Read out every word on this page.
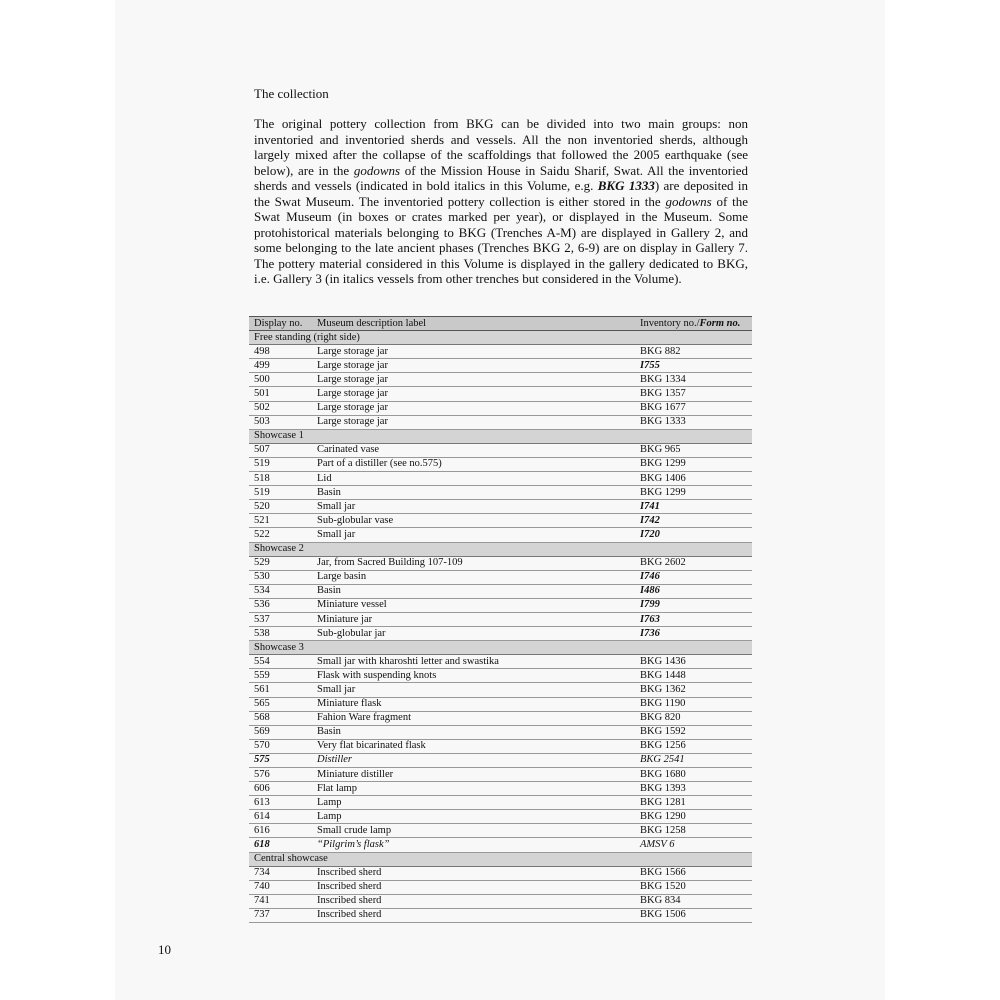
The collection

The original pottery collection from BKG can be divided into two main groups: non inventoried and inventoried sherds and vessels. All the non inventoried sherds, although largely mixed after the collapse of the scaffoldings that followed the 2005 earthquake (see below), are in the godowns of the Mission House in Saidu Sharif, Swat. All the inventoried sherds and vessels (indicated in bold italics in this Volume, e.g. BKG 1333) are deposited in the Swat Museum. The inventoried pottery collection is either stored in the godowns of the Swat Museum (in boxes or crates marked per year), or displayed in the Museum. Some protohistorical materials belonging to BKG (Trenches A-M) are displayed in Gallery 2, and some belonging to the late ancient phases (Trenches BKG 2, 6-9) are on display in Gallery 7. The pottery material considered in this Volume is displayed in the gallery dedicated to BKG, i.e. Gallery 3 (in italics vessels from other trenches but considered in the Volume).

Display no.	Museum description label	Inventory no./Form no.
Free standing (right side)		
498	Large storage jar	BKG 882
499	Large storage jar	I755
500	Large storage jar	BKG 1334
501	Large storage jar	BKG 1357
502	Large storage jar	BKG 1677
503	Large storage jar	BKG 1333
Showcase 1		
507	Carinated vase	BKG 965
519	Part of a distiller (see no.575)	BKG 1299
518	Lid	BKG 1406
519	Basin	BKG 1299
520	Small jar	I741
521	Sub-globular vase	I742
522	Small jar	I720
Showcase 2		
529	Jar, from Sacred Building 107-109	BKG 2602
530	Large basin	I746
534	Basin	I486
536	Miniature vessel	I799
537	Miniature jar	I763
538	Sub-globular jar	I736
Showcase 3		
554	Small jar with kharoshti letter and swastika	BKG 1436
559	Flask with suspending knots	BKG 1448
561	Small jar	BKG 1362
565	Miniature flask	BKG 1190
568	Fahion Ware fragment	BKG 820
569	Basin	BKG 1592
570	Very flat bicarinated flask	BKG 1256
575	Distiller	BKG 2541
576	Miniature distiller	BKG 1680
606	Flat lamp	BKG 1393
613	Lamp	BKG 1281
614	Lamp	BKG 1290
616	Small crude lamp	BKG 1258
618	“Pilgrim’s flask”	AMSV 6
Central showcase		
734	Inscribed sherd	BKG 1566
740	Inscribed sherd	BKG 1520
741	Inscribed sherd	BKG 834
737	Inscribed sherd	BKG 1506
10
